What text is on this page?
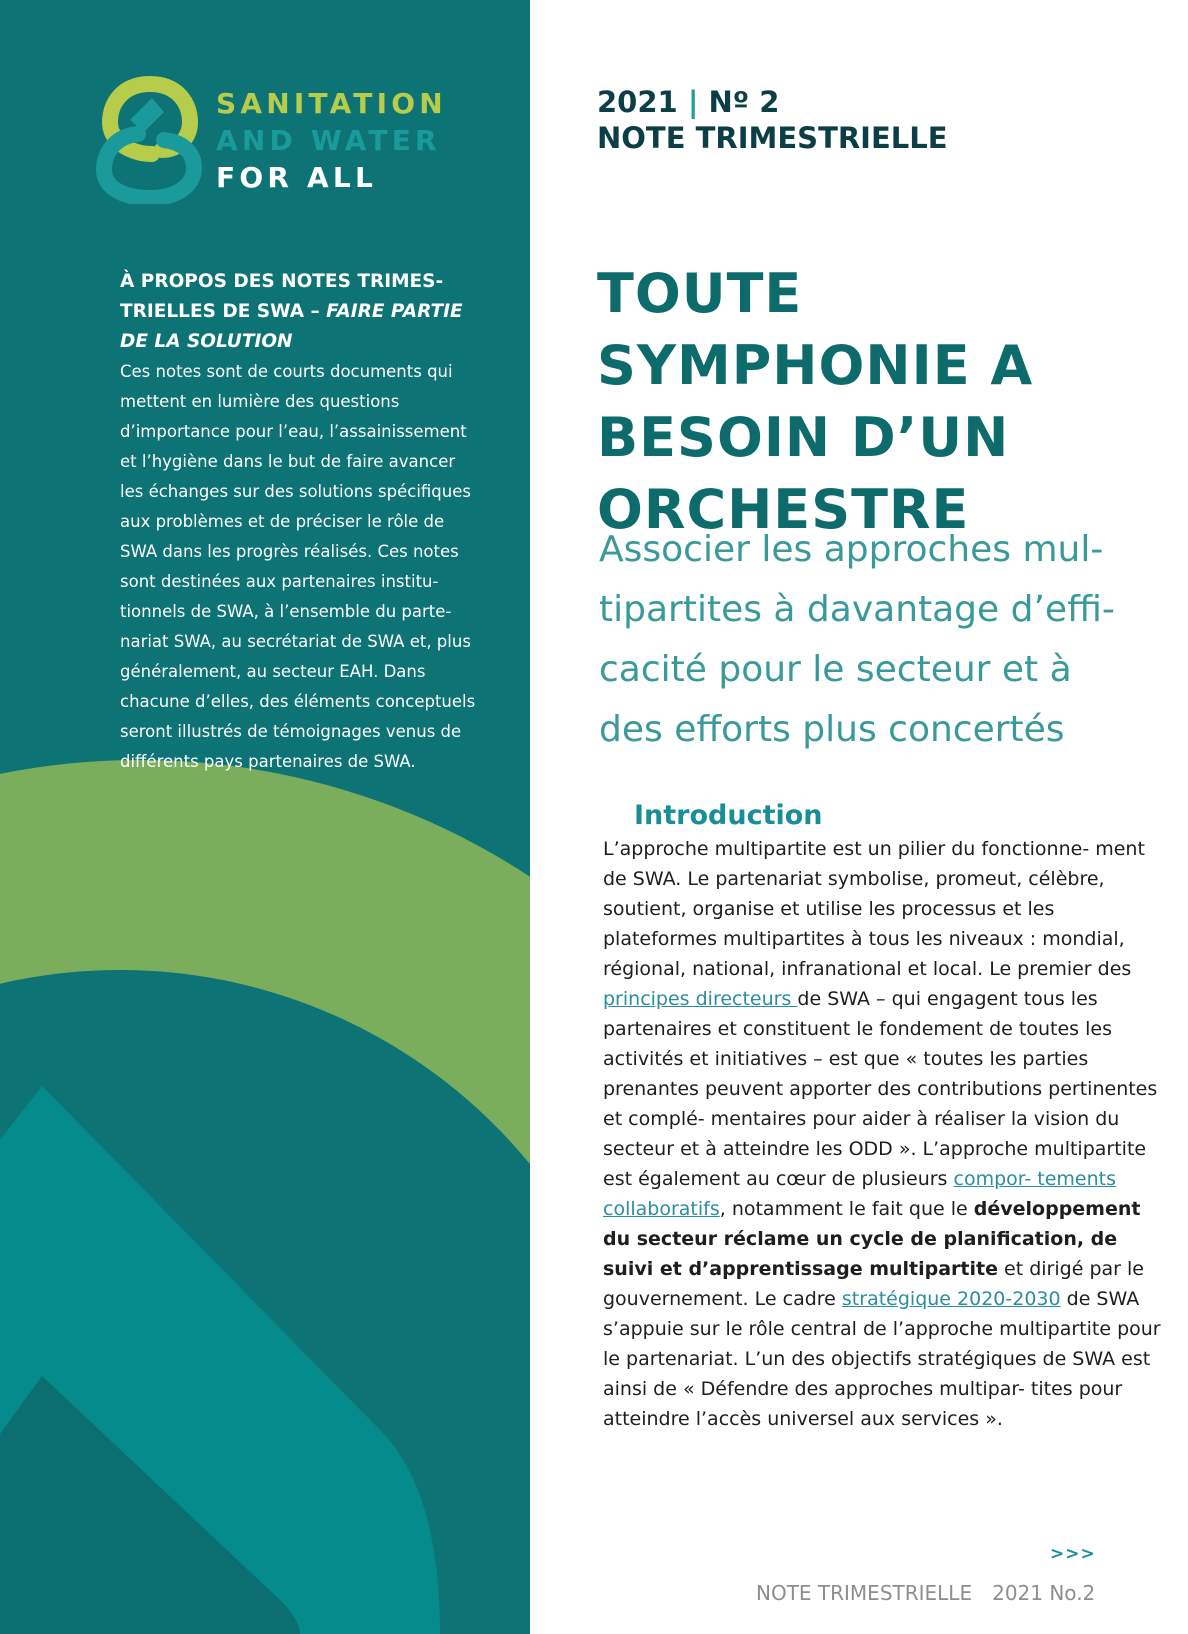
SANITATION
AND WATER
FOR ALL
À PROPOS DES NOTES TRIMES- TRIELLES DE SWA – FAIRE PARTIE DE LA SOLUTION

Ces notes sont de courts documents qui mettent en lumière des questions d’importance pour l’eau, l’assainissement et l’hygiène dans le but de faire avancer les échanges sur des solutions spécifiques aux problèmes et de préciser le rôle de SWA dans les progrès réalisés. Ces notes sont destinées aux partenaires institu- tionnels de SWA, à l’ensemble du parte- nariat SWA, au secrétariat de SWA et, plus généralement, au secteur EAH. Dans chacune d’elles, des éléments conceptuels seront illustrés de témoignages venus de différents pays partenaires de SWA.

2021 | Nº 2
NOTE TRIMESTRIELLE
TOUTE SYMPHONIE A BESOIN D’UN ORCHESTRE
Associer les approches mul- tipartites à davantage d’effi- cacité pour le secteur et à des efforts plus concertés
Introduction

L’approche multipartite est un pilier du fonctionne- ment de SWA. Le partenariat symbolise, promeut, célèbre, soutient, organise et utilise les processus et les plateformes multipartites à tous les niveaux : mondial, régional, national, infranational et local. Le premier des principes directeurs de SWA – qui engagent tous les partenaires et constituent le fondement de toutes les activités et initiatives – est que « toutes les parties prenantes peuvent apporter des contributions pertinentes et complé- mentaires pour aider à réaliser la vision du secteur et à atteindre les ODD ». L’approche multipartite est également au cœur de plusieurs compor- tements collaboratifs, notamment le fait que le développement du secteur réclame un cycle de planification, de suivi et d’apprentissage multipartite et dirigé par le gouvernement. Le cadre stratégique 2020-2030 de SWA s’appuie sur le rôle central de l’approche multipartite pour le partenariat. L’un des objectifs stratégiques de SWA est ainsi de « Défendre des approches multipar- tites pour atteindre l’accès universel aux services ».

>>>
NOTE TRIMESTRIELLE 2021 No.2
